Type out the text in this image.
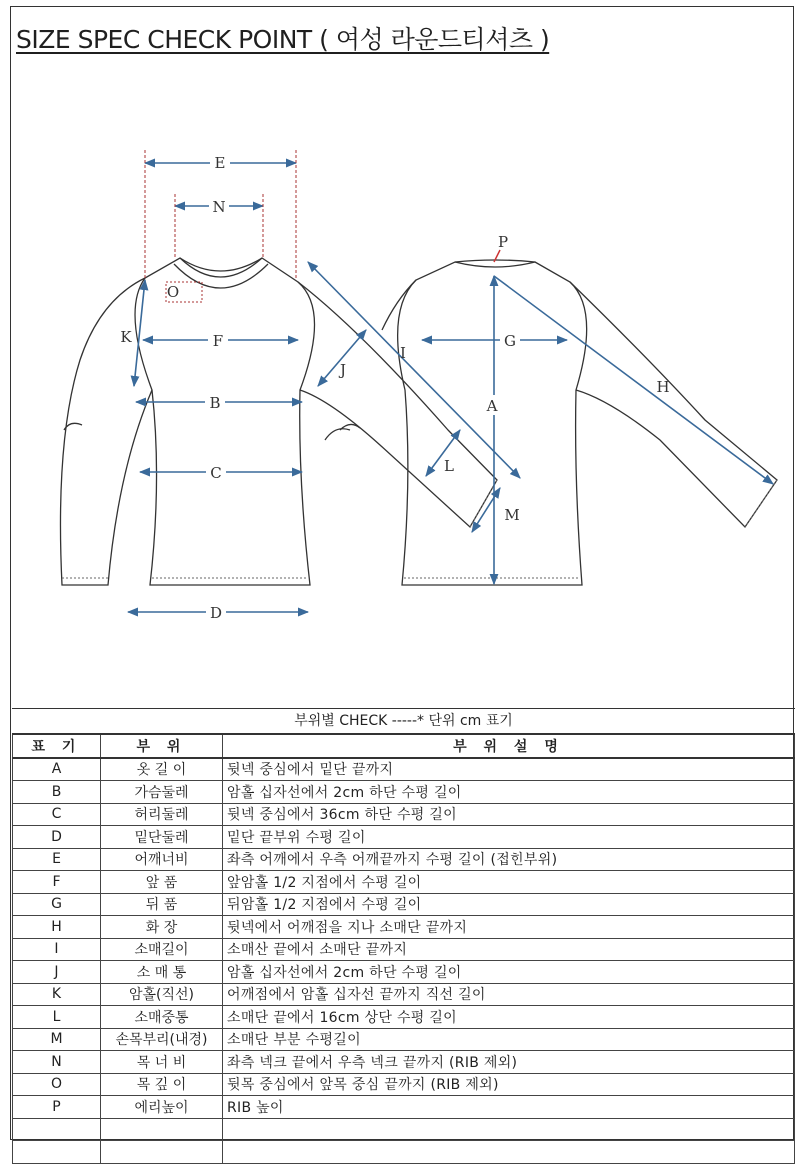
SIZE SPEC CHECK POINT ( 여성 라운드티셔츠 )
E
N
O
K	F
B
C
D
P
G
I
J
A
H
L
M
부위별 CHECK -----* 단위 cm 표기
표 기	부 위	부 위 설 명
A	옷 길 이	뒷넥 중심에서 밑단 끝까지
B	가슴둘레	암홀 십자선에서 2cm 하단 수평 길이
C	허리둘레	뒷넥 중심에서 36cm 하단 수평 길이
D	밑단둘레	밑단 끝부위 수평 길이
E	어깨너비	좌측 어깨에서 우측 어깨끝까지 수평 길이 (접힌부위)
F	앞 품	앞암홀 1/2 지점에서 수평 길이
G	뒤 품	뒤암홀 1/2 지점에서 수평 길이
H	화 장	뒷넥에서 어깨점을 지나 소매단 끝까지
I	소매길이	소매산 끝에서 소매단 끝까지
J	소 매 통	암홀 십자선에서 2cm 하단 수평 길이
K	암홀(직선)	어깨점에서 암홀 십자선 끝까지 직선 길이
L	소매중통	소매단 끝에서 16cm 상단 수평 길이
M	손목부리(내경)	소매단 부분 수평길이
N	목 너 비	좌측 넥크 끝에서 우측 넥크 끝까지 (RIB 제외)
O	목 깊 이	뒷목 중심에서 앞목 중심 끝까지 (RIB 제외)
P	에리높이	RIB 높이
